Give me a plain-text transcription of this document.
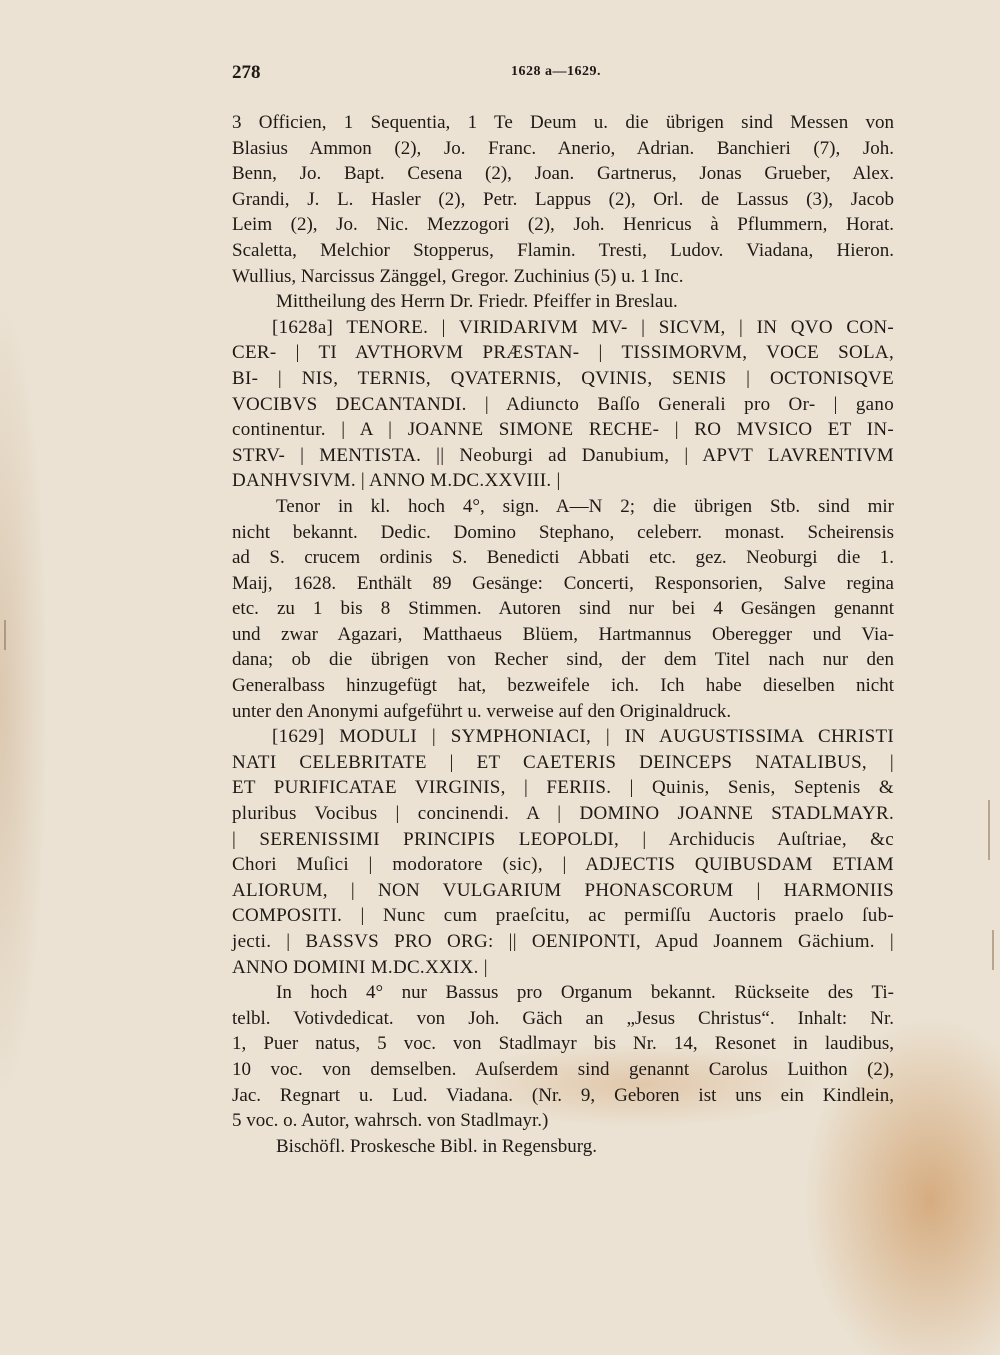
278	1628 a—1629.
3 Officien, 1 Sequentia, 1 Te Deum u. die übrigen sind Messen von
Blasius Ammon (2), Jo. Franc. Anerio, Adrian. Banchieri (7), Joh.
Benn, Jo. Bapt. Cesena (2), Joan. Gartnerus, Jonas Grueber, Alex.
Grandi, J. L. Hasler (2), Petr. Lappus (2), Orl. de Lassus (3), Jacob
Leim (2), Jo. Nic. Mezzogori (2), Joh. Henricus à Pflummern, Horat.
Scaletta, Melchior Stopperus, Flamin. Tresti, Ludov. Viadana, Hieron.
Wullius, Narcissus Zänggel, Gregor. Zuchinius (5) u. 1 Inc.
Mittheilung des Herrn Dr. Friedr. Pfeiffer in Breslau.
[1628a] TENORE. | VIRIDARIVM MV- | SICVM, | IN QVO CON-
CER- | TI AVTHORVM PRÆSTAN- | TISSIMORVM, VOCE SOLA,
BI- | NIS, TERNIS, QVATERNIS, QVINIS, SENIS | OCTONISQVE
VOCIBVS DECANTANDI. | Adiuncto Baſſo Generali pro Or- | gano
continentur. | A | JOANNE SIMONE RECHE- | RO MVSICO ET IN-
STRV- | MENTISTA. || Neoburgi ad Danubium, | APVT LAVRENTIVM
DANHVSIVM. | ANNO M.DC.XXVIII. |
Tenor in kl. hoch 4°, sign. A—N 2; die übrigen Stb. sind mir
nicht bekannt. Dedic. Domino Stephano, celeberr. monast. Scheirensis
ad S. crucem ordinis S. Benedicti Abbati etc. gez. Neoburgi die 1.
Maij, 1628. Enthält 89 Gesänge: Concerti, Responsorien, Salve regina
etc. zu 1 bis 8 Stimmen. Autoren sind nur bei 4 Gesängen genannt
und zwar Agazari, Matthaeus Blüem, Hartmannus Oberegger und Via-
dana; ob die übrigen von Recher sind, der dem Titel nach nur den
Generalbass hinzugefügt hat, bezweifele ich. Ich habe dieselben nicht
unter den Anonymi aufgeführt u. verweise auf den Originaldruck.
[1629] MODULI | SYMPHONIACI, | IN AUGUSTISSIMA CHRISTI
NATI CELEBRITATE | ET CAETERIS DEINCEPS NATALIBUS, |
ET PURIFICATAE VIRGINIS, | FERIIS. | Quinis, Senis, Septenis &
pluribus Vocibus | concinendi. A | DOMINO JOANNE STADLMAYR.
| SERENISSIMI PRINCIPIS LEOPOLDI, | Archiducis Auſtriae, &c
Chori Muſici | modoratore (sic), | ADJECTIS QUIBUSDAM ETIAM
ALIORUM, | NON VULGARIUM PHONASCORUM | HARMONIIS
COMPOSITI. | Nunc cum praeſcitu, ac permiſſu Auctoris praelo ſub-
jecti. | BASSVS PRO ORG: || OENIPONTI, Apud Joannem Gächium. |
ANNO DOMINI M.DC.XXIX. |
In hoch 4° nur Bassus pro Organum bekannt. Rückseite des Ti-
telbl. Votivdedicat. von Joh. Gäch an „Jesus Christus“. Inhalt: Nr.
1, Puer natus, 5 voc. von Stadlmayr bis Nr. 14, Resonet in laudibus,
10 voc. von demselben. Auſserdem sind genannt Carolus Luithon (2),
Jac. Regnart u. Lud. Viadana. (Nr. 9, Geboren ist uns ein Kindlein,
5 voc. o. Autor, wahrsch. von Stadlmayr.)
Bischöfl. Proskesche Bibl. in Regensburg.
